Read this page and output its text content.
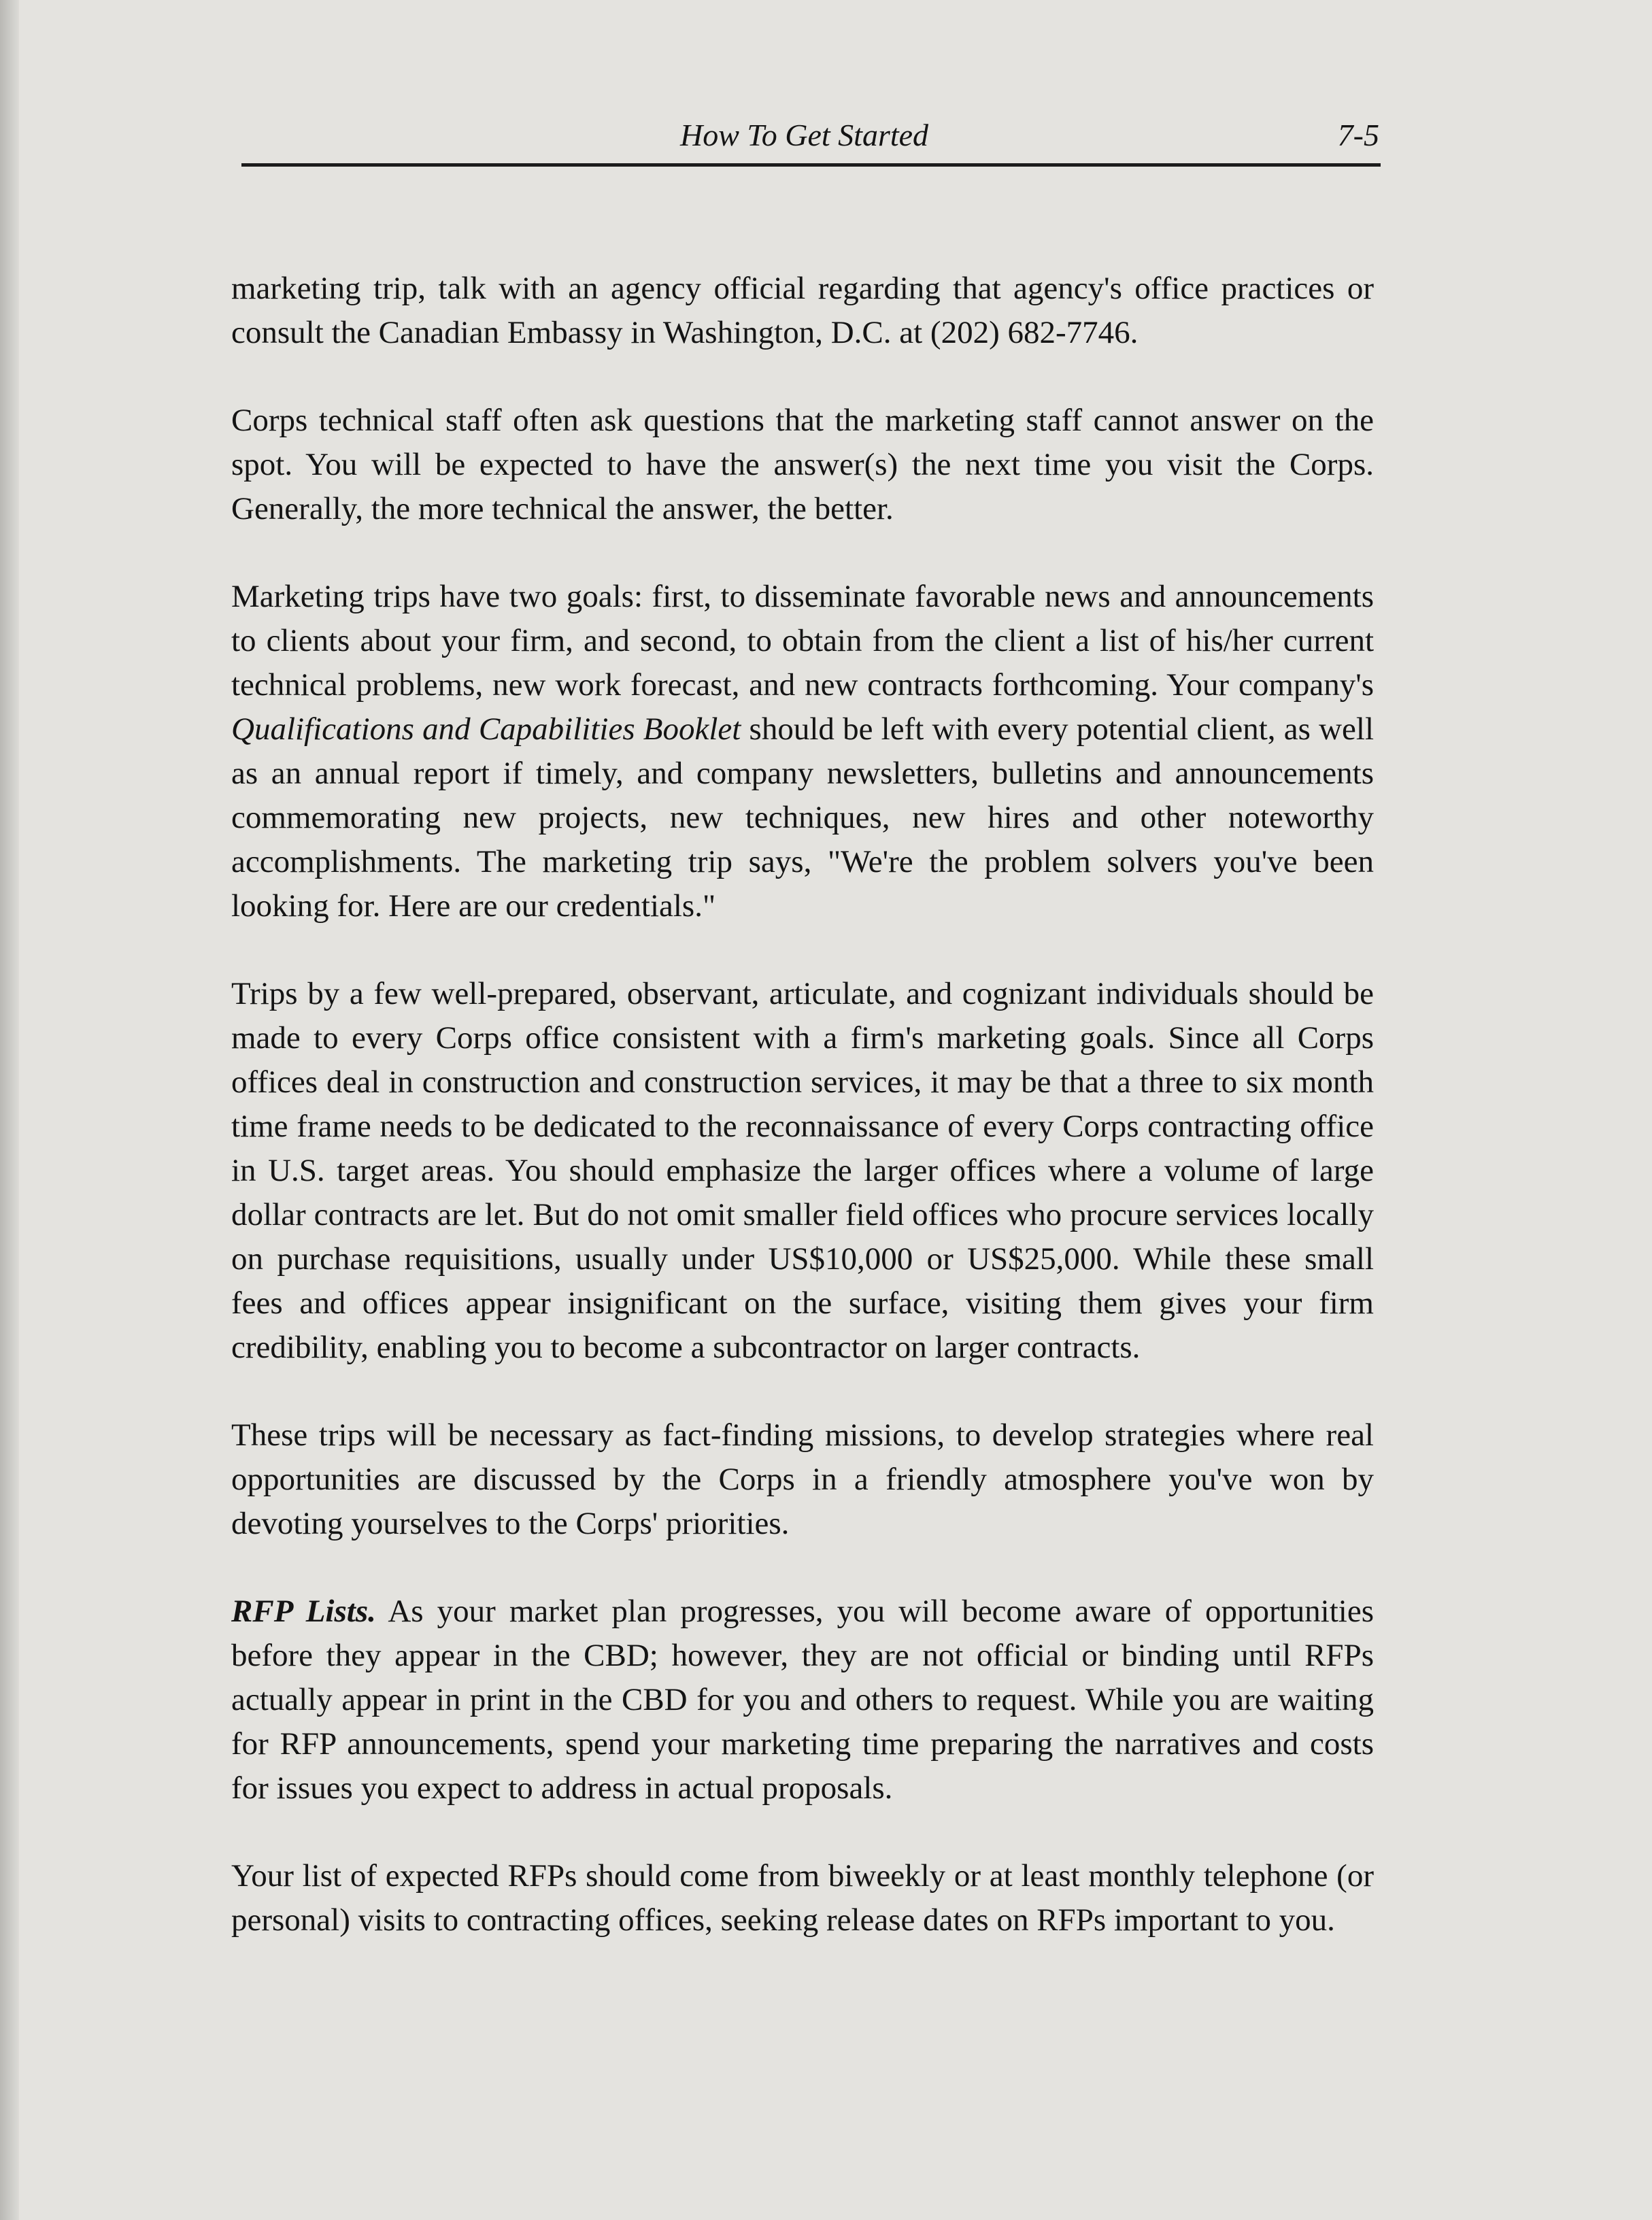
How To Get Started	7-5

marketing trip, talk with an agency official regarding that agency's office practices or consult the Canadian Embassy in Washington, D.C. at (202) 682-7746.

Corps technical staff often ask questions that the marketing staff cannot answer on the spot. You will be expected to have the answer(s) the next time you visit the Corps. Generally, the more technical the answer, the better.

Marketing trips have two goals: first, to disseminate favorable news and announcements to clients about your firm, and second, to obtain from the client a list of his/her current technical problems, new work forecast, and new contracts forthcoming. Your company's Qualifications and Capabilities Booklet should be left with every potential client, as well as an annual report if timely, and company newsletters, bulletins and announcements commemorating new projects, new techniques, new hires and other noteworthy accomplishments. The marketing trip says, "We're the problem solvers you've been looking for. Here are our credentials."

Trips by a few well-prepared, observant, articulate, and cognizant individuals should be made to every Corps office consistent with a firm's marketing goals. Since all Corps offices deal in construction and construction services, it may be that a three to six month time frame needs to be dedicated to the reconnaissance of every Corps contracting office in U.S. target areas. You should emphasize the larger offices where a volume of large dollar contracts are let. But do not omit smaller field offices who procure services locally on purchase requisitions, usually under US$10,000 or US$25,000. While these small fees and offices appear insignificant on the surface, visiting them gives your firm credibility, enabling you to become a subcontractor on larger contracts.

These trips will be necessary as fact-finding missions, to develop strategies where real opportunities are discussed by the Corps in a friendly atmosphere you've won by devoting yourselves to the Corps' priorities.

RFP Lists. As your market plan progresses, you will become aware of opportunities before they appear in the CBD; however, they are not official or binding until RFPs actually appear in print in the CBD for you and others to request. While you are waiting for RFP announcements, spend your marketing time preparing the narratives and costs for issues you expect to address in actual proposals.

Your list of expected RFPs should come from biweekly or at least monthly telephone (or personal) visits to contracting offices, seeking release dates on RFPs important to you.
